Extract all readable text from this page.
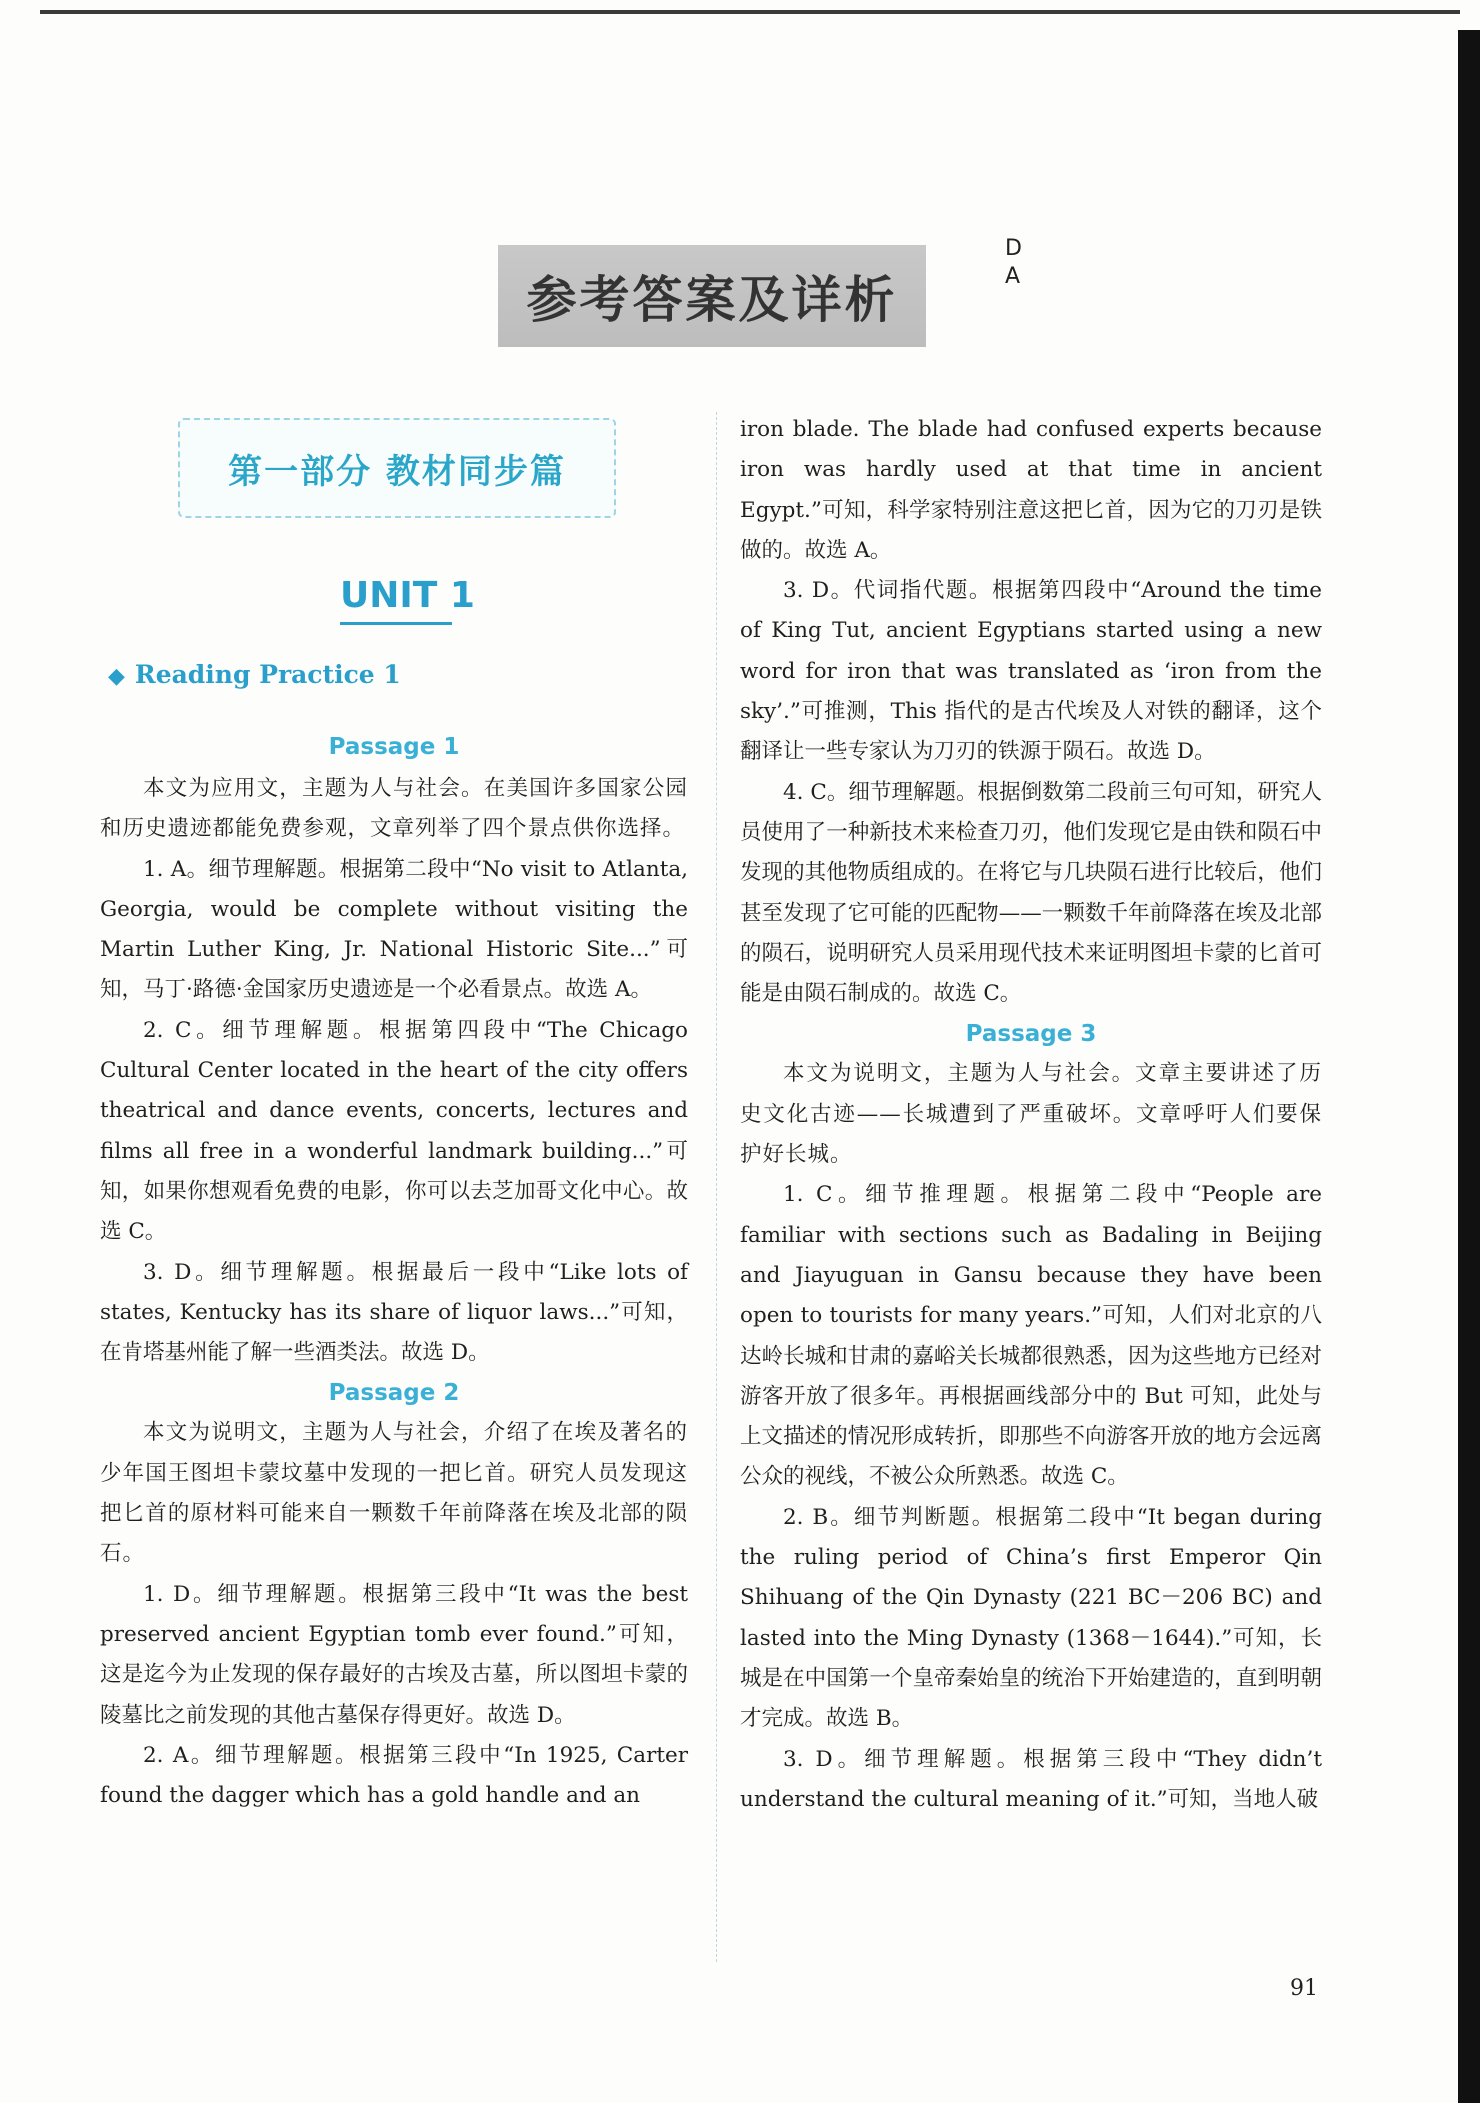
参考答案及详析
D
A
第一部分 教材同步篇
UNIT 1
◆ Reading Practice 1

Passage 1

本文为应用文，主题为人与社会。在美国许多国家公园和历史遗迹都能免费参观，文章列举了四个景点供你选择。

1. A。细节理解题。根据第二段中“No visit to Atlanta, Georgia, would be complete without visiting the Martin Luther King, Jr. National Historic Site...”可知，马丁·路德·金国家历史遗迹是一个必看景点。故选 A。

2. C。细节理解题。根据第四段中“The Chicago Cultural Center located in the heart of the city offers theatrical and dance events, concerts, lectures and films all free in a wonderful landmark building...”可知，如果你想观看免费的电影，你可以去芝加哥文化中心。故选 C。

3. D。细节理解题。根据最后一段中“Like lots of states, Kentucky has its share of liquor laws...”可知，在肯塔基州能了解一些酒类法。故选 D。

Passage 2

本文为说明文，主题为人与社会，介绍了在埃及著名的少年国王图坦卡蒙坟墓中发现的一把匕首。研究人员发现这把匕首的原材料可能来自一颗数千年前降落在埃及北部的陨石。

1. D。细节理解题。根据第三段中“It was the best preserved ancient Egyptian tomb ever found.”可知，这是迄今为止发现的保存最好的古埃及古墓，所以图坦卡蒙的陵墓比之前发现的其他古墓保存得更好。故选 D。

2. A。细节理解题。根据第三段中“In 1925, Carter found the dagger which has a gold handle and an

iron blade. The blade had confused experts because iron was hardly used at that time in ancient Egypt.”可知，科学家特别注意这把匕首，因为它的刀刃是铁做的。故选 A。

3. D。代词指代题。根据第四段中“Around the time of King Tut, ancient Egyptians started using a new word for iron that was translated as ‘iron from the sky’.”可推测，This 指代的是古代埃及人对铁的翻译，这个翻译让一些专家认为刀刃的铁源于陨石。故选 D。

4. C。细节理解题。根据倒数第二段前三句可知，研究人员使用了一种新技术来检查刀刃，他们发现它是由铁和陨石中发现的其他物质组成的。在将它与几块陨石进行比较后，他们甚至发现了它可能的匹配物——一颗数千年前降落在埃及北部的陨石，说明研究人员采用现代技术来证明图坦卡蒙的匕首可能是由陨石制成的。故选 C。

Passage 3

本文为说明文，主题为人与社会。文章主要讲述了历史文化古迹——长城遭到了严重破坏。文章呼吁人们要保护好长城。

1. C。细节推理题。根据第二段中“People are familiar with sections such as Badaling in Beijing and Jiayuguan in Gansu because they have been open to tourists for many years.”可知，人们对北京的八达岭长城和甘肃的嘉峪关长城都很熟悉，因为这些地方已经对游客开放了很多年。再根据画线部分中的 But 可知，此处与上文描述的情况形成转折，即那些不向游客开放的地方会远离公众的视线，不被公众所熟悉。故选 C。

2. B。细节判断题。根据第二段中“It began during the ruling period of China’s first Emperor Qin Shihuang of the Qin Dynasty (221 BC－206 BC) and lasted into the Ming Dynasty (1368－1644).”可知，长城是在中国第一个皇帝秦始皇的统治下开始建造的，直到明朝才完成。故选 B。

3. D。细节理解题。根据第三段中“They didn’t understand the cultural meaning of it.”可知，当地人破

91
